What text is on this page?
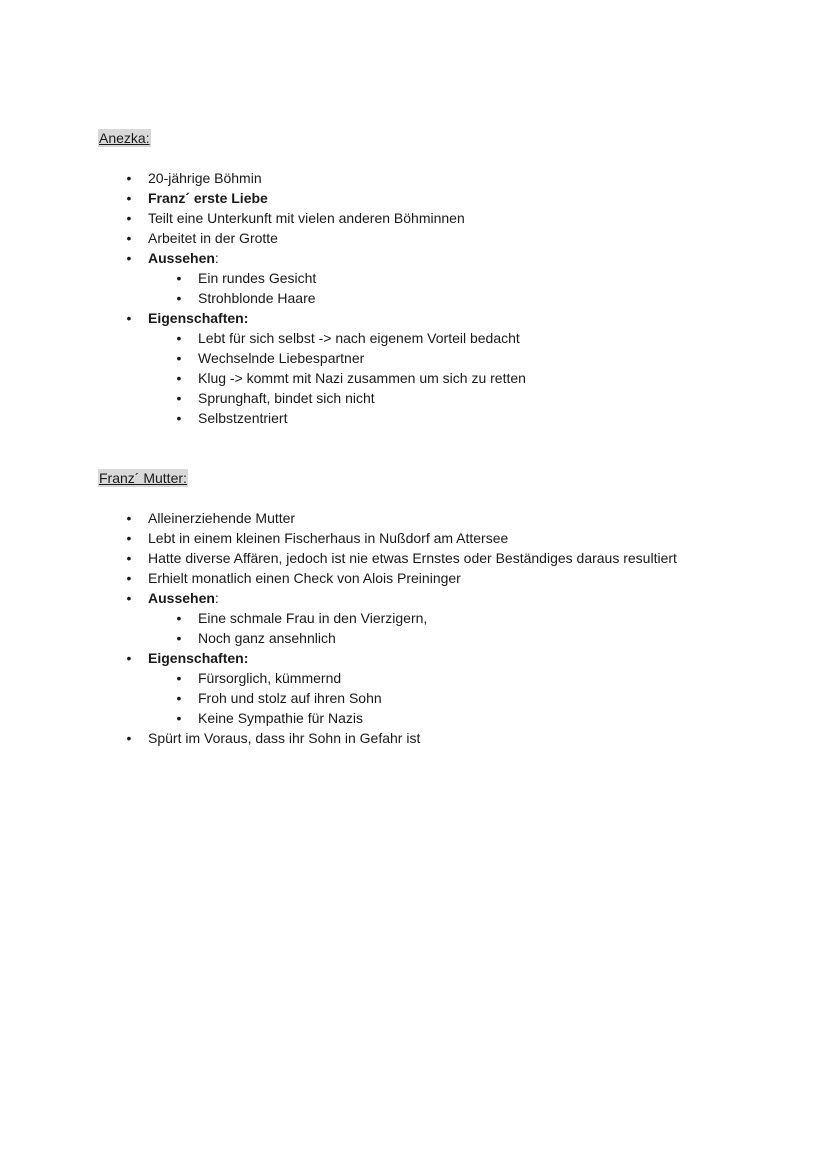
Anezka:
• 20-jährige Böhmin
• Franz´ erste Liebe
• Teilt eine Unterkunft mit vielen anderen Böhminnen
• Arbeitet in der Grotte
• Aussehen:
• Ein rundes Gesicht
• Strohblonde Haare
• Eigenschaften:
• Lebt für sich selbst -> nach eigenem Vorteil bedacht
• Wechselnde Liebespartner
• Klug -> kommt mit Nazi zusammen um sich zu retten
• Sprunghaft, bindet sich nicht
• Selbstzentriert
Franz´ Mutter:
• Alleinerziehende Mutter
• Lebt in einem kleinen Fischerhaus in Nußdorf am Attersee
• Hatte diverse Affären, jedoch ist nie etwas Ernstes oder Beständiges daraus resultiert
• Erhielt monatlich einen Check von Alois Preininger
• Aussehen:
• Eine schmale Frau in den Vierzigern,
• Noch ganz ansehnlich
• Eigenschaften:
• Fürsorglich, kümmernd
• Froh und stolz auf ihren Sohn
• Keine Sympathie für Nazis
• Spürt im Voraus, dass ihr Sohn in Gefahr ist
